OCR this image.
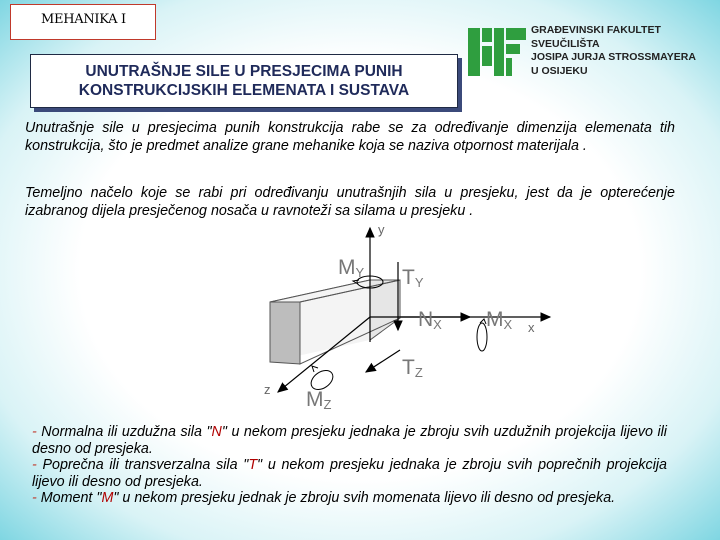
MEHANIKA I
UNUTRAŠNJE SILE U PRESJECIMA PUNIH
KONSTRUKCIJSKIH ELEMENATA I SUSTAVA
GRAĐEVINSKI FAKULTET
SVEUČILIŠTA
JOSIPA JURJA STROSSMAYERA
U OSIJEKU

Unutrašnje sile u presjecima punih konstrukcija rabe se za određivanje dimenzija elemenata tih konstrukcija, što je predmet analize grane mehanike koja se naziva otpornost materijala .

Temeljno načelo koje se rabi pri određivanju unutrašnjih sila u presjeku, jest da je opterećenje izabranog dijela presječenog nosača u ravnoteži sa silama u presjeku .

y
x
z
MY TY
NX MX
TZ
MZ
- Normalna ili uzdužna sila "N" u nekom presjeku jednaka je zbroju svih uzdužnih projekcija lijevo ili desno od presjeka.
- Poprečna ili transverzalna sila "T" u nekom presjeku jednaka je zbroju svih poprečnih projekcija lijevo ili desno od presjeka.
- Moment "M" u nekom presjeku jednak je zbroju svih momenata lijevo ili desno od presjeka.
